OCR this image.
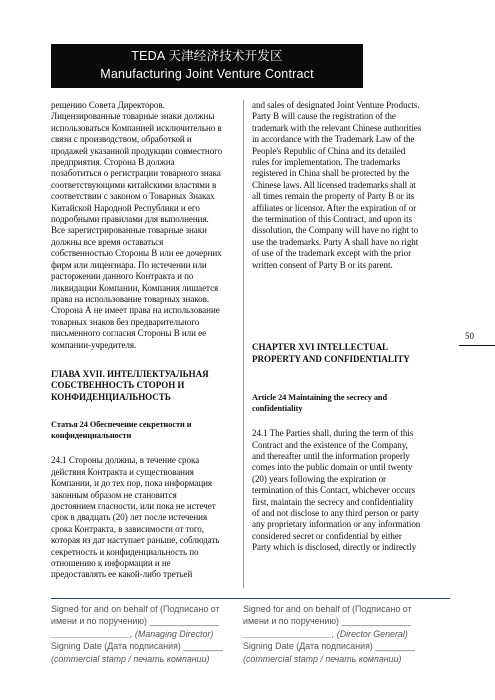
TEDA 天津经济技术开发区
Manufacturing Joint Venture Contract

решению Совета Директоров.
Лицензированные товарные знаки должны
использоваться Компанией исключительно в
связи с производством, обработкой и
продажей указанной продукции совместного
предприятия. Сторона В должна
позаботиться о регистрации товарного знака
соответствующими китайскими властями в
соответствии с законом о Товарных Знаках
Китайской Народной Республики и его
подробными правилами для выполнения.
Все зарегистрированные товарные знаки
должны все время оставаться
собственностью Стороны В или ее дочерних
фирм или лицензиара. По истечении или
расторжении данного Контракта и по
ликвидации Компании, Компания лишается
права на использование товарных знаков.
Сторона А не имеет права на использование
товарных знаков без предварительного
письменного согласия Стороны В или ее
компании-учредителя.

ГЛАВА XVII. ИНТЕЛЛЕКТУАЛЬНАЯ
СОБСТВЕННОСТЬ СТОРОН И
КОНФИДЕНЦИАЛЬНОСТЬ

Статья 24 Обеспечение секретности и
конфиденциальности

24.1 Стороны должны, в течение срока
действия Контракта и существования
Компании, и до тех пор, пока информация
законным образом не становится
достоянием гласности, или пока не истечет
срок в двадцать (20) лет после истечения
срока Контракта, в зависимости от того,
которая из дат наступает раньше, соблюдать
секретность и конфиденциальность по
отношению к информации и не
предоставлять ее какой-либо третьей

and sales of designated Joint Venture Products.
Party B will cause the registration of the
trademark with the relevant Chinese authorities
in accordance with the Trademark Law of the
People's Republic of China and its detailed
rules for implementation. The trademarks
registered in China shall be protected by the
Chinese laws. All licensed trademarks shall at
all times remain the property of Party B or its
affiliates or licensor. After the expiration of or
the termination of this Contract, and upon its
dissolution, the Company will have no right to
use the trademarks. Party A shall have no right
of use of the trademark except with the prior
written consent of Party B or its parent.

CHAPTER XVI INTELLECTUAL
PROPERTY AND CONFIDENTIALITY

Article 24 Maintaining the secrecy and
confidentiality

24.1 The Parties shall, during the term of this
Contract and the existence of the Company,
and thereafter until the information properly
comes into the public domain or until twenty
(20) years following the expiration or
termination of this Contact, whichever occurs
first, maintain the secrecy and confidentiality
of and not disclose to any third person or party
any proprietary information or any information
considered secret or confidential by either
Party which is disclosed, directly or indirectly

50
Signed for and on behalf of (Подписано от
имени и по поручению) ______________
________________, (Managing Director)
Signing Date (Дата подписания) ________
(commercial stamp / печать компании)
Signed for and on behalf of (Подписано от
имени и по поручению) ______________
__________________, (Director General)
Signing Date (Дата подписания) ________
(commercial stamp / печать компании)
